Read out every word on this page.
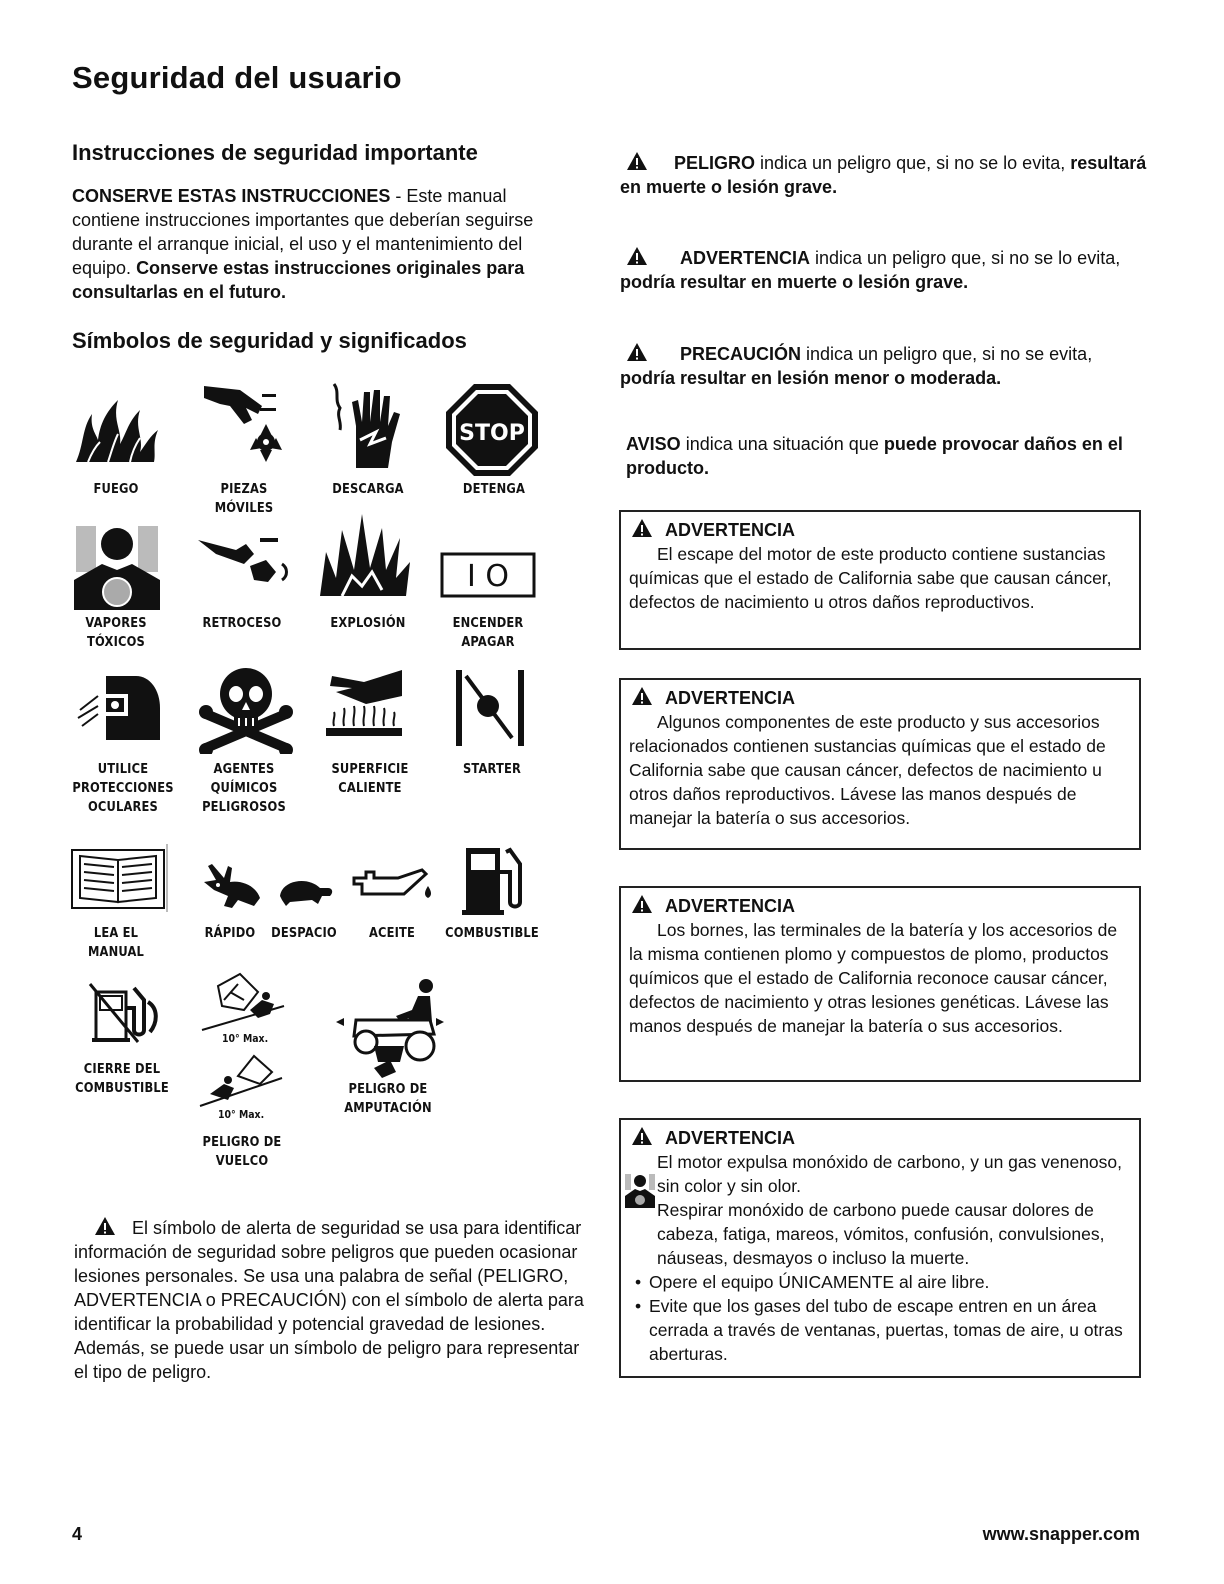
Seguridad del usuario
Instrucciones de seguridad importante
CONSERVE ESTAS INSTRUCCIONES - Este manual contiene instrucciones importantes que deberían seguirse durante el arranque inicial, el uso y el mantenimiento del equipo. Conserve estas instrucciones originales para consultarlas en el futuro.
Símbolos de seguridad y significados
STOP
FUEGO	PIEZAS MÓVILES
DESCARGA	DETENGA
I O
VAPORES
TÓXICOS
RETROCESO	EXPLOSIÓN	ENCENDER
APAGAR
UTILICE
PROTECCIONES
OCULARES
AGENTES
QUÍMICOS
PELIGROSOS
SUPERFICIE
CALIENTE
STARTER
LEA EL
MANUAL
RÁPIDO	DESPACIO	ACEITE	COMBUSTIBLE
10° Max.
10° Max.
CIERRE DEL
COMBUSTIBLE	PELIGRO DE
AMPUTACIÓN
PELIGRO DE
VUELCO
El símbolo de alerta de seguridad se usa para identificar información de seguridad sobre peligros que pueden ocasionar lesiones personales. Se usa una palabra de señal (PELIGRO, ADVERTENCIA o PRECAUCIÓN) con el símbolo de alerta para identificar la probabilidad y potencial gravedad de lesiones. Además, se puede usar un símbolo de peligro para representar el tipo de peligro.
PELIGRO indica un peligro que, si no se lo evita, resultará en muerte o lesión grave.
ADVERTENCIA indica un peligro que, si no se lo evita, podría resultar en muerte o lesión grave.
PRECAUCIÓN indica un peligro que, si no se evita, podría resultar en lesión menor o moderada.
AVISO indica una situación que puede provocar daños en el producto.
ADVERTENCIA
El escape del motor de este producto contiene sustancias químicas que el estado de California sabe que causan cáncer, defectos de nacimiento u otros daños reproductivos.
ADVERTENCIA
Algunos componentes de este producto y sus accesorios relacionados contienen sustancias químicas que el estado de California sabe que causan cáncer, defectos de nacimiento u otros daños reproductivos. Lávese las manos después de manejar la batería o sus accesorios.
ADVERTENCIA
Los bornes, las terminales de la batería y los accesorios de la misma contienen plomo y compuestos de plomo, productos químicos que el estado de California reconoce causar cáncer, defectos de nacimiento y otras lesiones genéticas. Lávese las manos después de manejar la batería o sus accesorios.
ADVERTENCIA
El motor expulsa monóxido de carbono, y un gas venenoso, sin color y sin olor.
Respirar monóxido de carbono puede causar dolores de cabeza, fatiga, mareos, vómitos, confusión, convulsiones, náuseas, desmayos o incluso la muerte.
• Opere el equipo ÚNICAMENTE al aire libre.
• Evite que los gases del tubo de escape entren en un área cerrada a través de ventanas, puertas, tomas de aire, u otras aberturas.
4	www.snapper.com
